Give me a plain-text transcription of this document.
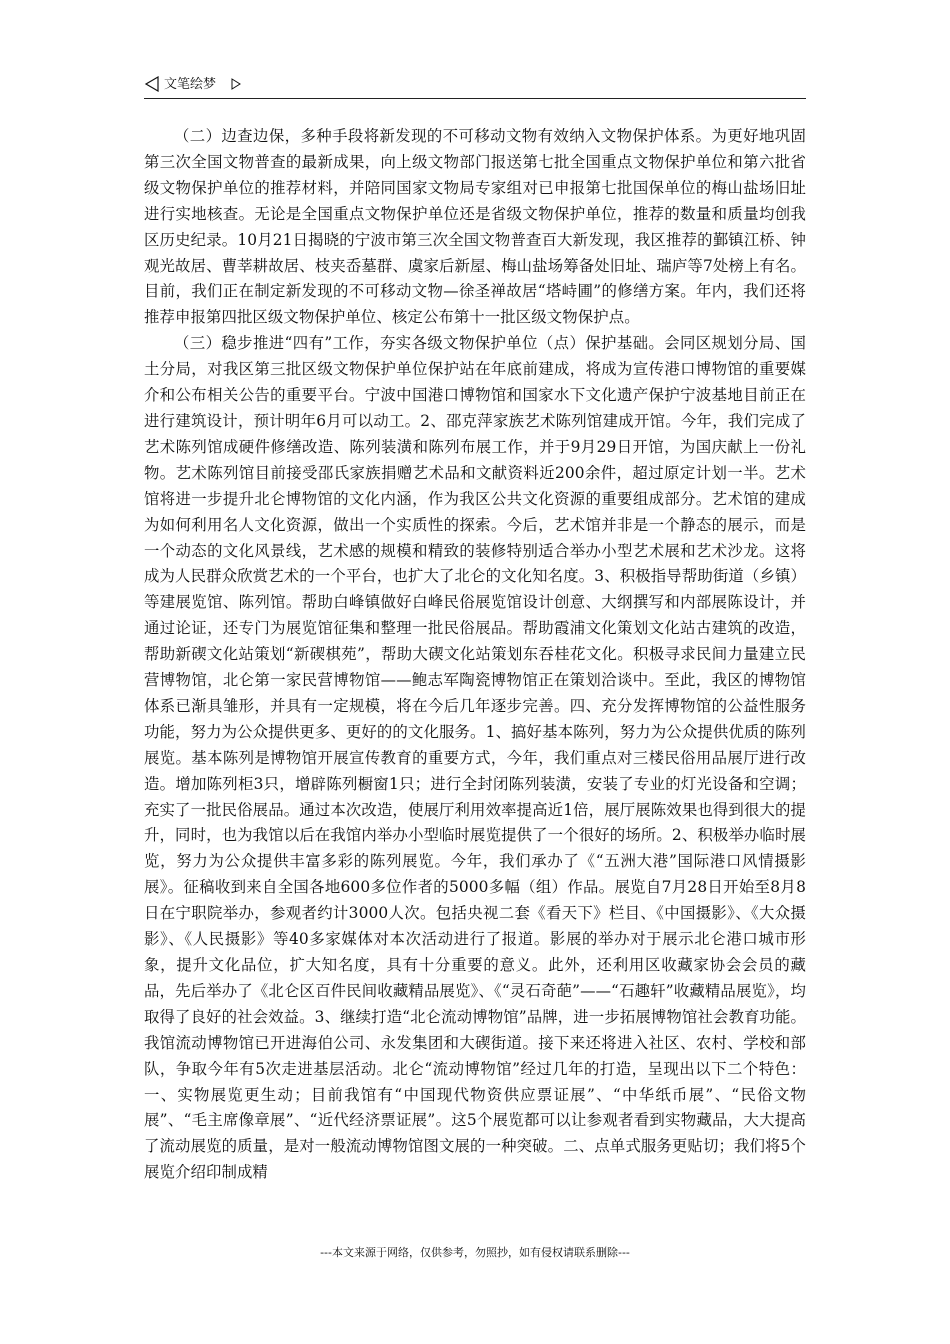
文笔绘梦

（二）边查边保，多种手段将新发现的不可移动文物有效纳入文物保护体系。为更好地巩固第三次全国文物普查的最新成果，向上级文物部门报送第七批全国重点文物保护单位和第六批省级文物保护单位的推荐材料，并陪同国家文物局专家组对已申报第七批国保单位的梅山盐场旧址进行实地核查。无论是全国重点文物保护单位还是省级文物保护单位，推荐的数量和质量均创我区历史纪录。10月21日揭晓的宁波市第三次全国文物普查百大新发现，我区推荐的鄞镇江桥、钟观光故居、曹莘耕故居、枝夹岙墓群、虞家后新屋、梅山盐场筹备处旧址、瑞庐等7处榜上有名。目前，我们正在制定新发现的不可移动文物—徐圣禅故居“塔峙圃”的修缮方案。年内，我们还将推荐申报第四批区级文物保护单位、核定公布第十一批区级文物保护点。

（三）稳步推进“四有”工作，夯实各级文物保护单位（点）保护基础。会同区规划分局、国土分局，对我区第三批区级文物保护单位保护站在年底前建成，将成为宣传港口博物馆的重要媒介和公布相关公告的重要平台。宁波中国港口博物馆和国家水下文化遗产保护宁波基地目前正在进行建筑设计，预计明年6月可以动工。2、邵克萍家族艺术陈列馆建成开馆。今年，我们完成了艺术陈列馆成硬件修缮改造、陈列装潢和陈列布展工作，并于9月29日开馆，为国庆献上一份礼物。艺术陈列馆目前接受邵氏家族捐赠艺术品和文献资料近200余件，超过原定计划一半。艺术馆将进一步提升北仑博物馆的文化内涵，作为我区公共文化资源的重要组成部分。艺术馆的建成为如何利用名人文化资源，做出一个实质性的探索。今后，艺术馆并非是一个静态的展示，而是一个动态的文化风景线，艺术感的规模和精致的装修特别适合举办小型艺术展和艺术沙龙。这将成为人民群众欣赏艺术的一个平台，也扩大了北仑的文化知名度。3、积极指导帮助街道（乡镇）等建展览馆、陈列馆。帮助白峰镇做好白峰民俗展览馆设计创意、大纲撰写和内部展陈设计，并通过论证，还专门为展览馆征集和整理一批民俗展品。帮助霞浦文化策划文化站古建筑的改造，帮助新碶文化站策划“新碶棋苑”，帮助大碶文化站策划东吞桂花文化。积极寻求民间力量建立民营博物馆，北仑第一家民营博物馆——鲍志军陶瓷博物馆正在策划洽谈中。至此，我区的博物馆体系已渐具雏形，并具有一定规模，将在今后几年逐步完善。四、充分发挥博物馆的公益性服务功能，努力为公众提供更多、更好的的文化服务。1、搞好基本陈列，努力为公众提供优质的陈列展览。基本陈列是博物馆开展宣传教育的重要方式，今年，我们重点对三楼民俗用品展厅进行改造。增加陈列柜3只，增辟陈列橱窗1只；进行全封闭陈列装潢，安装了专业的灯光设备和空调；充实了一批民俗展品。通过本次改造，使展厅利用效率提高近1倍，展厅展陈效果也得到很大的提升，同时，也为我馆以后在我馆内举办小型临时展览提供了一个很好的场所。2、积极举办临时展览，努力为公众提供丰富多彩的陈列展览。今年，我们承办了《“五洲大港”国际港口风情摄影展》。征稿收到来自全国各地600多位作者的5000多幅（组）作品。展览自7月28日开始至8月8日在宁职院举办，参观者约计3000人次。包括央视二套《看天下》栏目、《中国摄影》、《大众摄影》、《人民摄影》等40多家媒体对本次活动进行了报道。影展的举办对于展示北仑港口城市形象，提升文化品位，扩大知名度，具有十分重要的意义。此外，还利用区收藏家协会会员的藏品，先后举办了《北仑区百件民间收藏精品展览》、《“灵石奇葩”——“石趣轩”收藏精品展览》，均取得了良好的社会效益。3、继续打造“北仑流动博物馆”品牌，进一步拓展博物馆社会教育功能。我馆流动博物馆已开进海伯公司、永发集团和大碶街道。接下来还将进入社区、农村、学校和部队，争取今年有5次走进基层活动。北仑“流动博物馆”经过几年的打造，呈现出以下二个特色：一、实物展览更生动；目前我馆有“中国现代物资供应票证展”、“中华纸币展”、“民俗文物展”、“毛主席像章展”、“近代经济票证展”。这5个展览都可以让参观者看到实物藏品，大大提高了流动展览的质量，是对一般流动博物馆图文展的一种突破。二、点单式服务更贴切；我们将5个展览介绍印制成精

---本文来源于网络，仅供参考，勿照抄，如有侵权请联系删除---
